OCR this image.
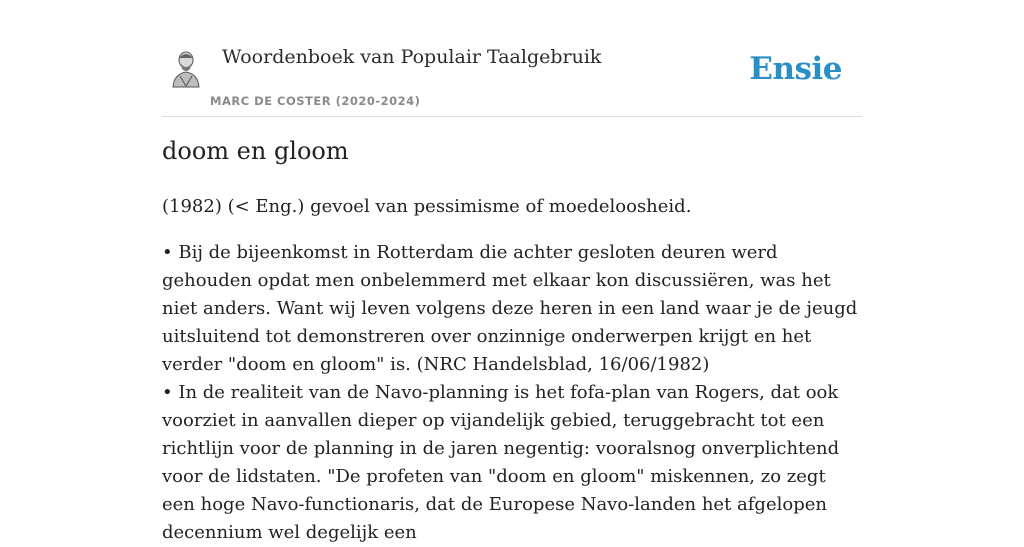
Woordenboek van Populair Taalgebruik
MARC DE COSTER (2020-2024)
Ensie
doom en gloom

(1982) (< Eng.) gevoel van pessimisme of moedeloosheid.

• Bij de bijeenkomst in Rotterdam die achter gesloten deuren werd gehouden opdat men onbelemmerd met elkaar kon discussiëren, was het niet anders. Want wij leven volgens deze heren in een land waar je de jeugd uitsluitend tot demonstreren over onzinnige onderwerpen krijgt en het verder "doom en gloom" is. (NRC Handelsblad, 16/06/1982)

• In de realiteit van de Navo-planning is het fofa-plan van Rogers, dat ook voorziet in aanvallen dieper op vijandelijk gebied, teruggebracht tot een richtlijn voor de planning in de jaren negentig: vooralsnog onverplichtend voor de lidstaten. "De profeten van "doom en gloom" miskennen, zo zegt een hoge Navo-functionaris, dat de Europese Navo-landen het afgelopen decennium wel degelijk een
